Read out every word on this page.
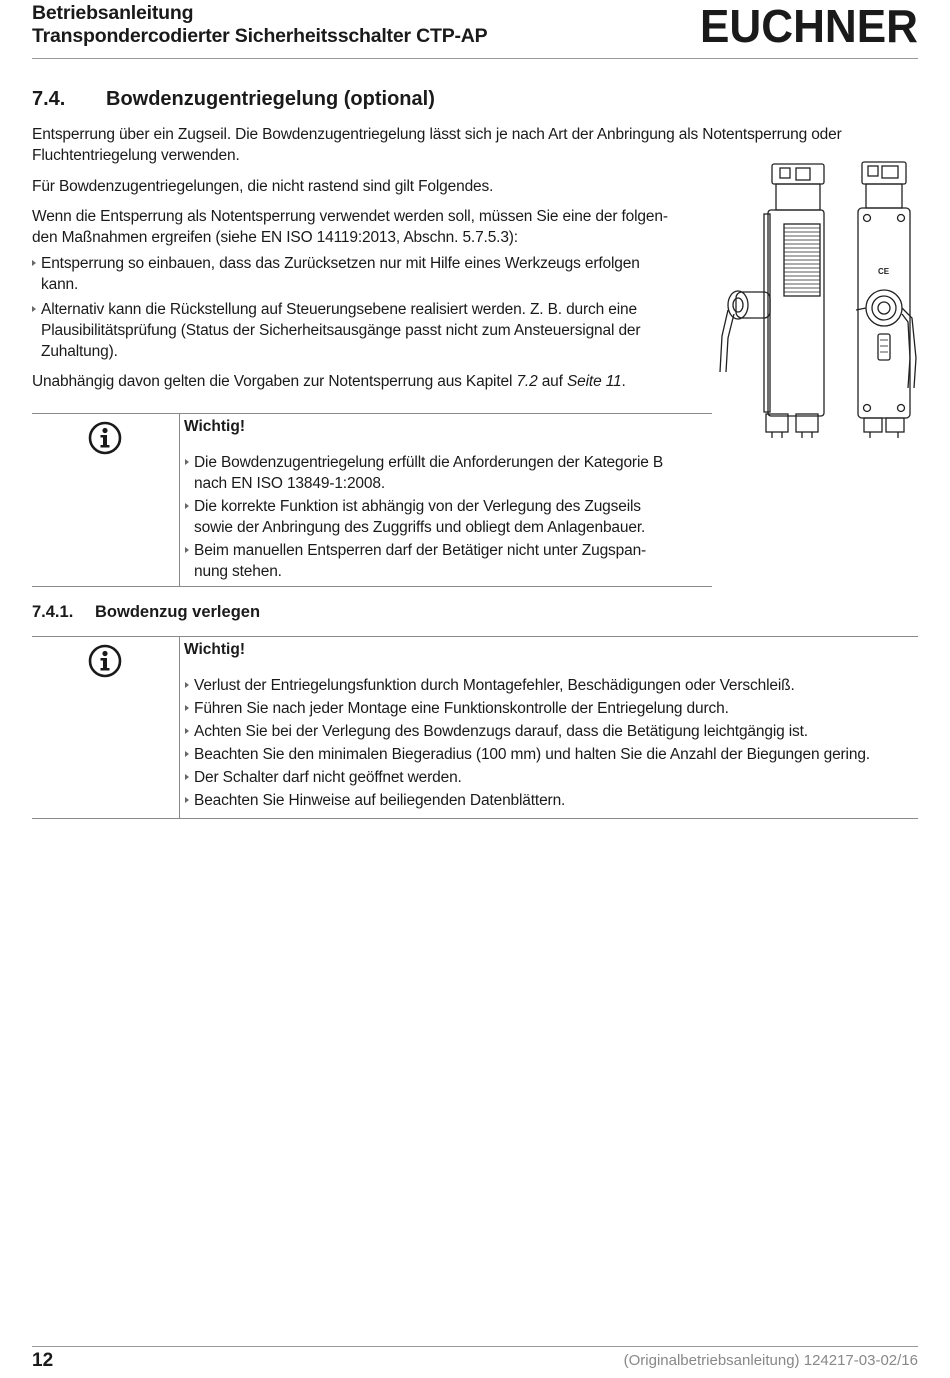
Betriebsanleitung
Transpondercodierter Sicherheitsschalter CTP-AP	EUCHNER
7.4. Bowdenzugentriegelung (optional)
Entsperrung über ein Zugseil. Die Bowdenzugentriegelung lässt sich je nach Art der Anbringung als Notentsperrung oder
Fluchtentriegelung verwenden.
Für Bowdenzugentriegelungen, die nicht rastend sind gilt Folgendes.
Wenn die Entsperrung als Notentsperrung verwendet werden soll, müssen Sie eine der folgen-
den Maßnahmen ergreifen (siehe EN ISO 14119:2013, Abschn. 5.7.5.3):
Entsperrung so einbauen, dass das Zurücksetzen nur mit Hilfe eines Werkzeugs erfolgen
kann.
Alternativ kann die Rückstellung auf Steuerungsebene realisiert werden. Z. B. durch eine
Plausibilitätsprüfung (Status der Sicherheitsausgänge passt nicht zum Ansteuersignal der
Zuhaltung).
Unabhängig davon gelten die Vorgaben zur Notentsperrung aus Kapitel 7.2 auf Seite 11.
Wichtig!
Die Bowdenzugentriegelung erfüllt die Anforderungen der Kategorie B
nach EN ISO 13849-1:2008.
Die korrekte Funktion ist abhängig von der Verlegung des Zugseils
sowie der Anbringung des Zuggriffs und obliegt dem Anlagenbauer.
Beim manuellen Entsperren darf der Betätiger nicht unter Zugspan-
nung stehen.
7.4.1. Bowdenzug verlegen
Wichtig!
Verlust der Entriegelungsfunktion durch Montagefehler, Beschädigungen oder Verschleiß.
Führen Sie nach jeder Montage eine Funktionskontrolle der Entriegelung durch.
Achten Sie bei der Verlegung des Bowdenzugs darauf, dass die Betätigung leichtgängig ist.
Beachten Sie den minimalen Biegeradius (100 mm) und halten Sie die Anzahl der Biegungen gering.
Der Schalter darf nicht geöffnet werden.
Beachten Sie Hinweise auf beiliegenden Datenblättern.
CE
12	(Originalbetriebsanleitung) 124217-03-02/16
